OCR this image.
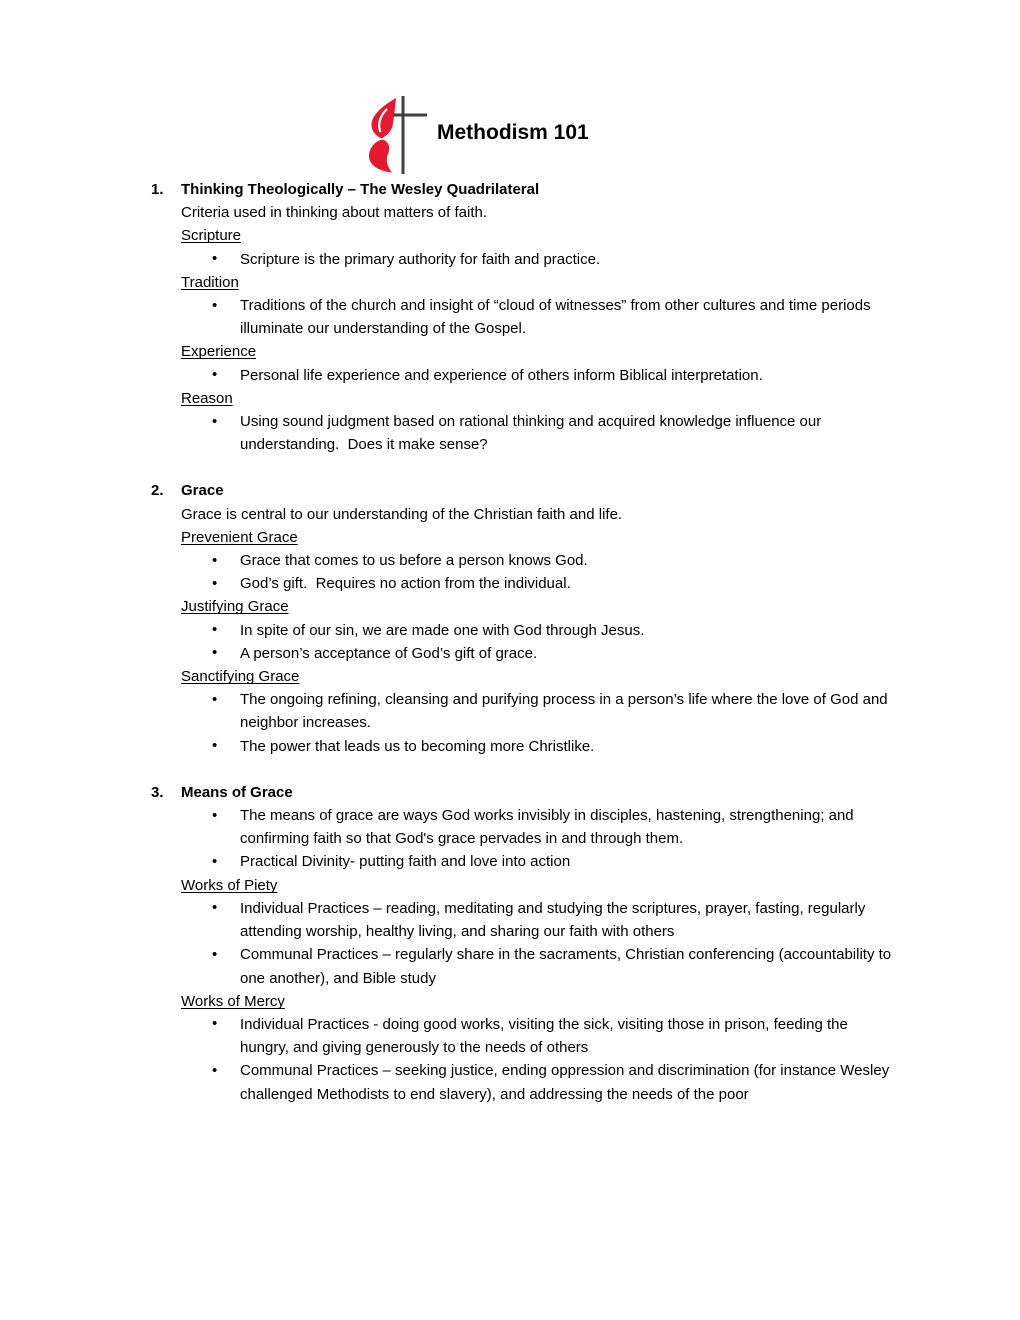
Methodism 101
1. Thinking Theologically – The Wesley Quadrilateral
Criteria used in thinking about matters of faith.
Scripture
• Scripture is the primary authority for faith and practice.
Tradition
• Traditions of the church and insight of “cloud of witnesses” from other cultures and time periods illuminate our understanding of the Gospel.
Experience
• Personal life experience and experience of others inform Biblical interpretation.
Reason
• Using sound judgment based on rational thinking and acquired knowledge influence our understanding.  Does it make sense?
2. Grace
Grace is central to our understanding of the Christian faith and life.
Prevenient Grace
• Grace that comes to us before a person knows God.
• God’s gift.  Requires no action from the individual.
Justifying Grace
• In spite of our sin, we are made one with God through Jesus.
• A person’s acceptance of God’s gift of grace.
Sanctifying Grace
• The ongoing refining, cleansing and purifying process in a person’s life where the love of God and neighbor increases.
• The power that leads us to becoming more Christlike.
3. Means of Grace
• The means of grace are ways God works invisibly in disciples, hastening, strengthening; and confirming faith so that God's grace pervades in and through them.
• Practical Divinity- putting faith and love into action
Works of Piety
• Individual Practices – reading, meditating and studying the scriptures, prayer, fasting, regularly attending worship, healthy living, and sharing our faith with others
• Communal Practices – regularly share in the sacraments, Christian conferencing (accountability to one another), and Bible study
Works of Mercy
• Individual Practices - doing good works, visiting the sick, visiting those in prison, feeding the hungry, and giving generously to the needs of others
• Communal Practices – seeking justice, ending oppression and discrimination (for instance Wesley challenged Methodists to end slavery), and addressing the needs of the poor
